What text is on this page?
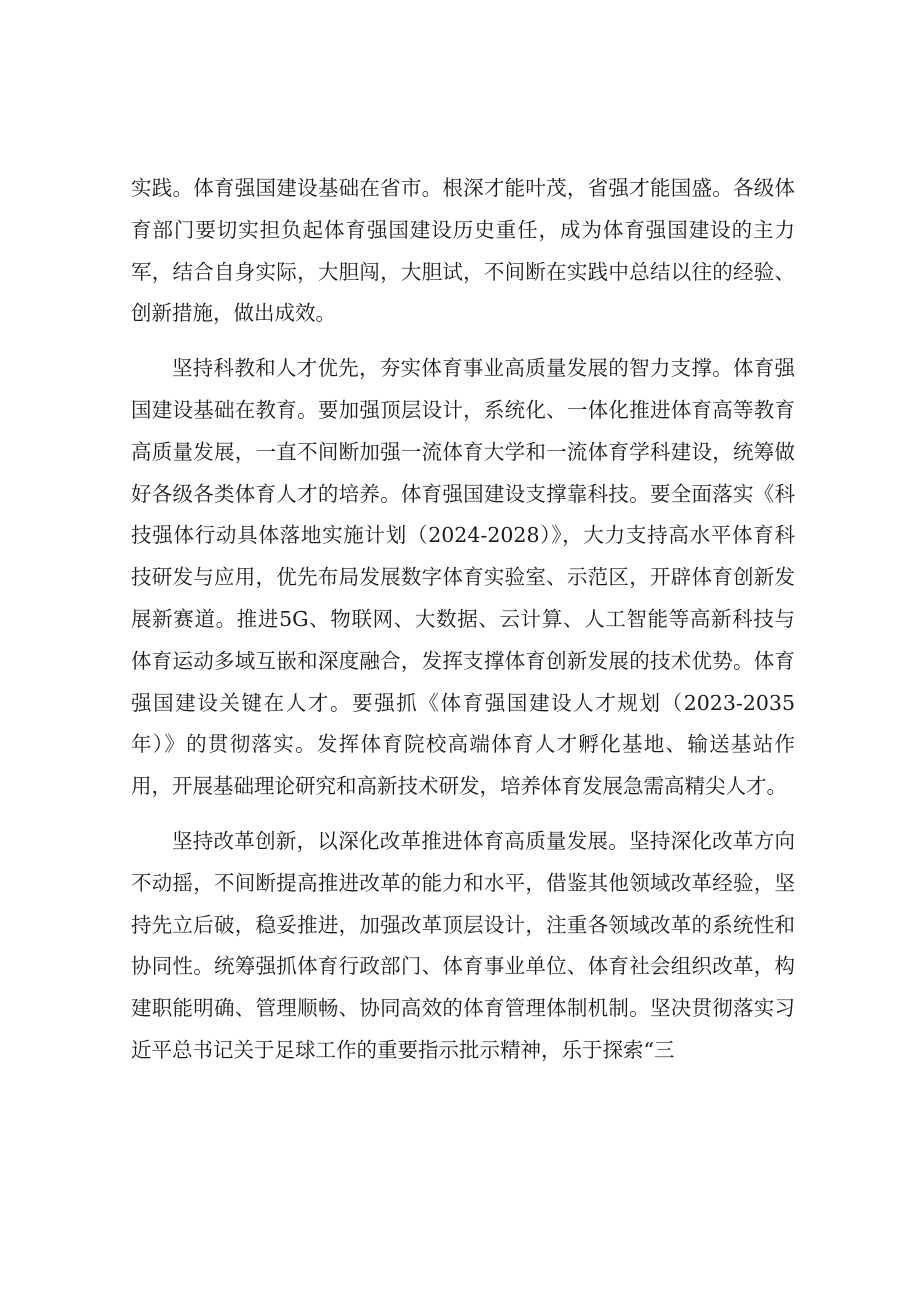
实践。体育强国建设基础在省市。根深才能叶茂，省强才能国盛。各级体育部门要切实担负起体育强国建设历史重任，成为体育强国建设的主力军，结合自身实际，大胆闯，大胆试，不间断在实践中总结以往的经验、创新措施，做出成效。

坚持科教和人才优先，夯实体育事业高质量发展的智力支撑。体育强国建设基础在教育。要加强顶层设计，系统化、一体化推进体育高等教育高质量发展，一直不间断加强一流体育大学和一流体育学科建设，统筹做好各级各类体育人才的培养。体育强国建设支撑靠科技。要全面落实《科技强体行动具体落地实施计划（2024-2028）》，大力支持高水平体育科技研发与应用，优先布局发展数字体育实验室、示范区，开辟体育创新发展新赛道。推进5G、物联网、大数据、云计算、人工智能等高新科技与体育运动多域互嵌和深度融合，发挥支撑体育创新发展的技术优势。体育强国建设关键在人才。要强抓《体育强国建设人才规划（2023-2035年）》的贯彻落实。发挥体育院校高端体育人才孵化基地、输送基站作用，开展基础理论研究和高新技术研发，培养体育发展急需高精尖人才。

坚持改革创新，以深化改革推进体育高质量发展。坚持深化改革方向不动摇，不间断提高推进改革的能力和水平，借鉴其他领域改革经验，坚持先立后破，稳妥推进，加强改革顶层设计，注重各领域改革的系统性和协同性。统筹强抓体育行政部门、体育事业单位、体育社会组织改革，构建职能明确、管理顺畅、协同高效的体育管理体制机制。坚决贯彻落实习近平总书记关于足球工作的重要指示批示精神，乐于探索“三
